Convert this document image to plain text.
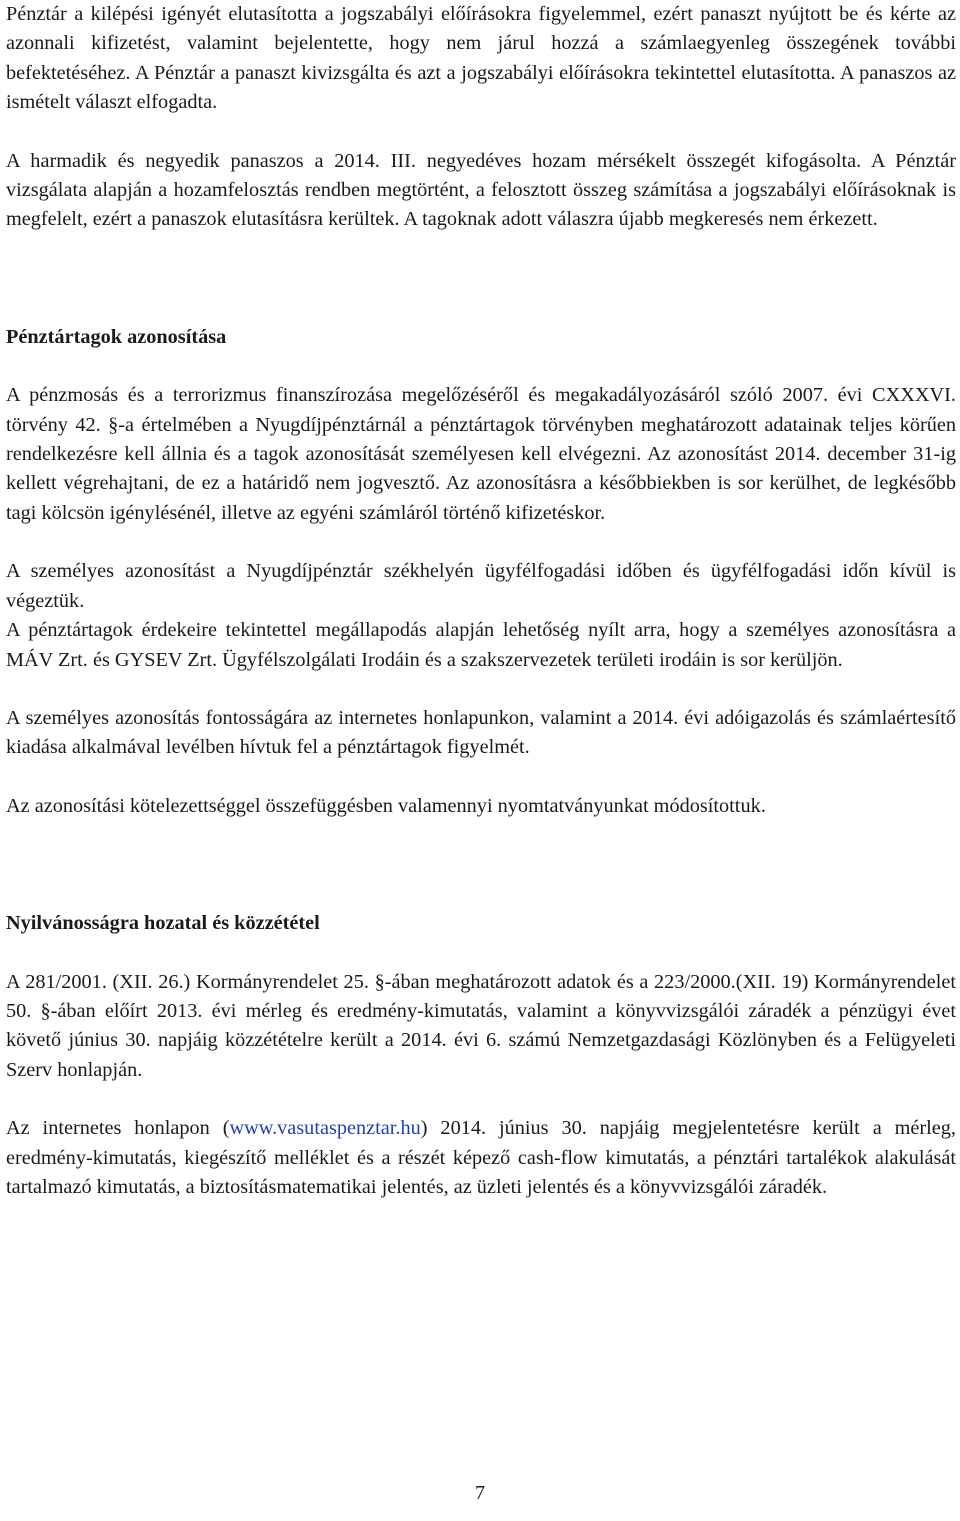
Pénztár a kilépési igényét elutasította a jogszabályi előírásokra figyelemmel, ezért panaszt nyújtott be és kérte az azonnali kifizetést, valamint bejelentette, hogy nem járul hozzá a számlaegyenleg összegének további befektetéséhez. A Pénztár a panaszt kivizsgálta és azt a jogszabályi előírásokra tekintettel elutasította. A panaszos az ismételt választ elfogadta.

A harmadik és negyedik panaszos a 2014. III. negyedéves hozam mérsékelt összegét kifogásolta. A Pénztár vizsgálata alapján a hozamfelosztás rendben megtörtént, a felosztott összeg számítása a jogszabályi előírásoknak is megfelelt, ezért a panaszok elutasításra kerültek. A tagoknak adott válaszra újabb megkeresés nem érkezett.

Pénztártagok azonosítása

A pénzmosás és a terrorizmus finanszírozása megelőzéséről és megakadályozásáról szóló 2007. évi CXXXVI. törvény 42. §-a értelmében a Nyugdíjpénztárnál a pénztártagok törvényben meghatározott adatainak teljes körűen rendelkezésre kell állnia és a tagok azonosítását személyesen kell elvégezni. Az azonosítást 2014. december 31-ig kellett végrehajtani, de ez a határidő nem jogvesztő. Az azonosításra a későbbiekben is sor kerülhet, de legkésőbb tagi kölcsön igénylésénél, illetve az egyéni számláról történő kifizetéskor.

A személyes azonosítást a Nyugdíjpénztár székhelyén ügyfélfogadási időben és ügyfélfogadási időn kívül is végeztük.

A pénztártagok érdekeire tekintettel megállapodás alapján lehetőség nyílt arra, hogy a személyes azonosításra a MÁV Zrt. és GYSEV Zrt. Ügyfélszolgálati Irodáin és a szakszervezetek területi irodáin is sor kerüljön.

A személyes azonosítás fontosságára az internetes honlapunkon, valamint a 2014. évi adóigazolás és számlaértesítő kiadása alkalmával levélben hívtuk fel a pénztártagok figyelmét.

Az azonosítási kötelezettséggel összefüggésben valamennyi nyomtatványunkat módosítottuk.

Nyilvánosságra hozatal és közzététel

A 281/2001. (XII. 26.) Kormányrendelet 25. §-ában meghatározott adatok és a 223/2000.(XII. 19) Kormányrendelet 50. §-ában előírt 2013. évi mérleg és eredmény-kimutatás, valamint a könyvvizsgálói záradék a pénzügyi évet követő június 30. napjáig közzétételre került a 2014. évi 6. számú Nemzetgazdasági Közlönyben és a Felügyeleti Szerv honlapján.

Az internetes honlapon (www.vasutaspenztar.hu) 2014. június 30. napjáig megjelentetésre került a mérleg, eredmény-kimutatás, kiegészítő melléklet és a részét képező cash-flow kimutatás, a pénztári tartalékok alakulását tartalmazó kimutatás, a biztosításmatematikai jelentés, az üzleti jelentés és a könyvvizsgálói záradék.

7
